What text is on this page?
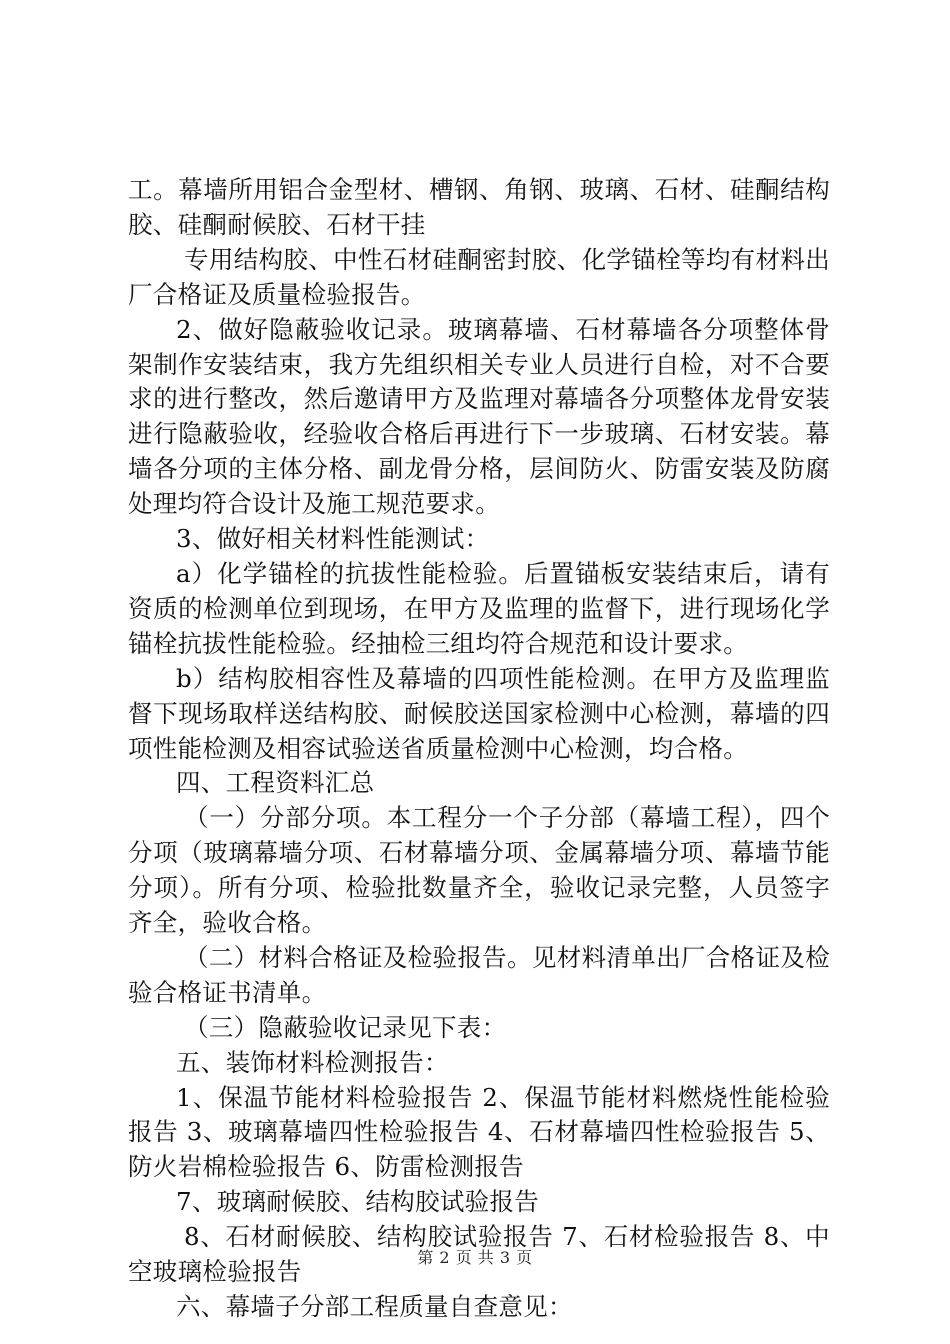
工。幕墙所用铝合金型材、槽钢、角钢、玻璃、石材、硅酮结构胶、硅酮耐候胶、石材干挂

专用结构胶、中性石材硅酮密封胶、化学锚栓等均有材料出厂合格证及质量检验报告。

2、做好隐蔽验收记录。玻璃幕墙、石材幕墙各分项整体骨架制作安装结束，我方先组织相关专业人员进行自检，对不合要求的进行整改，然后邀请甲方及监理对幕墙各分项整体龙骨安装进行隐蔽验收，经验收合格后再进行下一步玻璃、石材安装。幕墙各分项的主体分格、副龙骨分格，层间防火、防雷安装及防腐处理均符合设计及施工规范要求。

3、做好相关材料性能测试：

a）化学锚栓的抗拔性能检验。后置锚板安装结束后，请有资质的检测单位到现场，在甲方及监理的监督下，进行现场化学锚栓抗拔性能检验。经抽检三组均符合规范和设计要求。

b）结构胶相容性及幕墙的四项性能检测。在甲方及监理监督下现场取样送结构胶、耐候胶送国家检测中心检测，幕墙的四项性能检测及相容试验送省质量检测中心检测，均合格。

四、工程资料汇总

（一）分部分项。本工程分一个子分部（幕墙工程），四个分项（玻璃幕墙分项、石材幕墙分项、金属幕墙分项、幕墙节能分项）。所有分项、检验批数量齐全，验收记录完整，人员签字齐全，验收合格。

（二）材料合格证及检验报告。见材料清单出厂合格证及检验合格证书清单。

（三）隐蔽验收记录见下表：

五、装饰材料检测报告：

1、保温节能材料检验报告 2、保温节能材料燃烧性能检验报告 3、玻璃幕墙四性检验报告 4、石材幕墙四性检验报告 5、防火岩棉检验报告 6、防雷检测报告

7、玻璃耐候胶、结构胶试验报告

8、石材耐候胶、结构胶试验报告 7、石材检验报告 8、中空玻璃检验报告

六、幕墙子分部工程质量自查意见：

第 2 页 共 3 页
